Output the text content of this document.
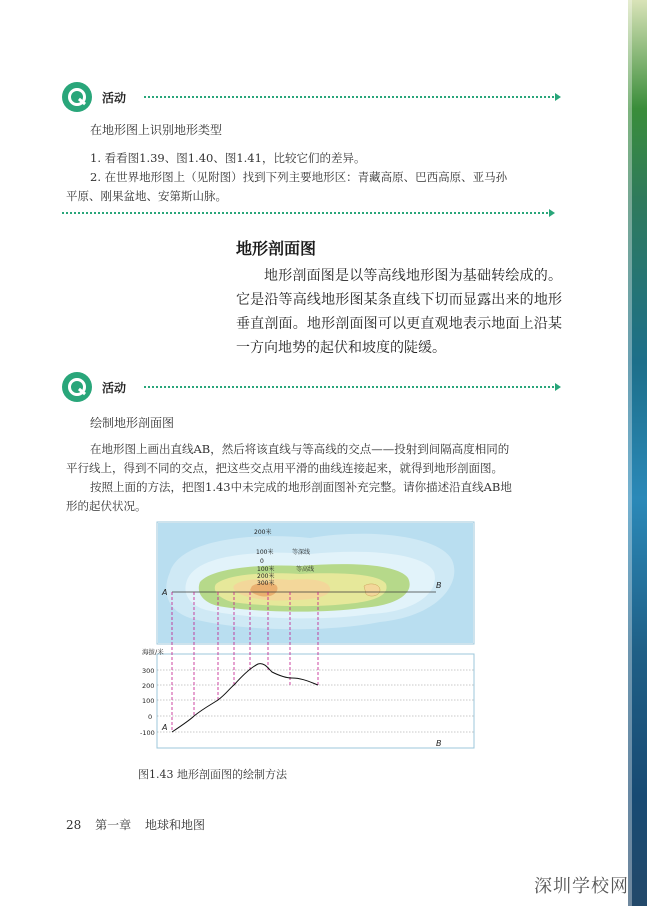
活动
在地形图上识别地形类型
1. 看看图1.39、图1.40、图1.41，比较它们的差异。
2. 在世界地形图上（见附图）找到下列主要地形区：青藏高原、巴西高原、亚马孙
平原、刚果盆地、安第斯山脉。
地形剖面图
地形剖面图是以等高线地形图为基础转绘成的。它是沿等高线地形图某条直线下切而显露出来的地形垂直剖面。地形剖面图可以更直观地表示地面上沿某一方向地势的起伏和坡度的陡缓。
活动
绘制地形剖面图
在地形图上画出直线AB，然后将该直线与等高线的交点——投射到间隔高度相同的
平行线上，得到不同的交点，把这些交点用平滑的曲线连接起来，就得到地形剖面图。
按照上面的方法，把图1.43中未完成的地形剖面图补充完整。请你描述沿直线AB地
形的起伏状况。
200米
100米	等深线
0
100米	等高线
200米
300米
A
B
海拔/米
300
200
100
0
-100
A
B
图1.43 地形剖面图的绘制方法
28 第一章 地球和地图
深圳学校网
